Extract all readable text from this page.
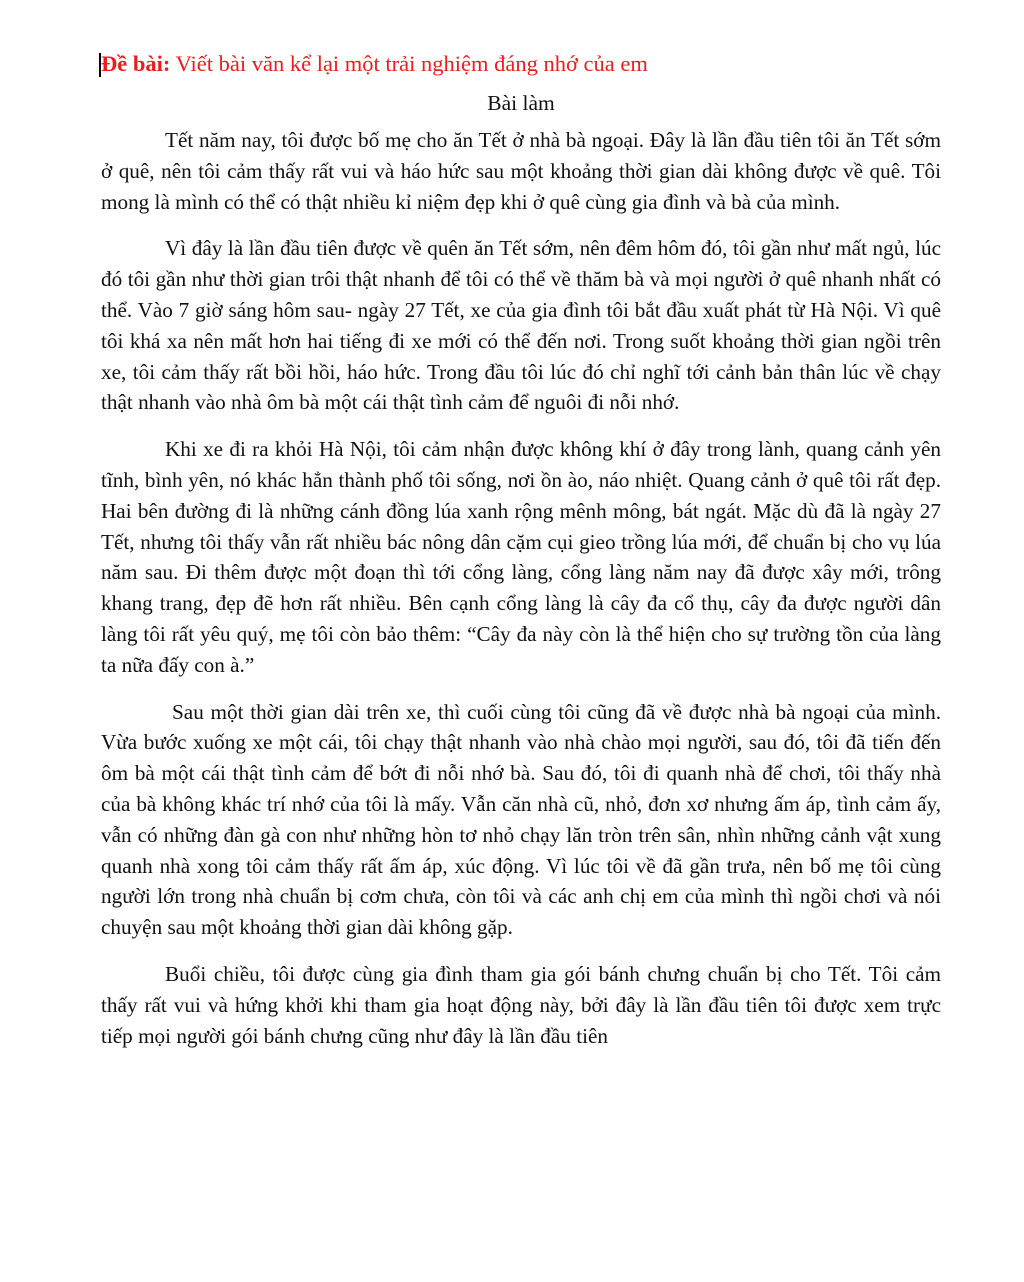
Đề bài: Viết bài văn kể lại một trải nghiệm đáng nhớ của em

Bài làm

Tết năm nay, tôi được bố mẹ cho ăn Tết ở nhà bà ngoại. Đây là lần đầu tiên tôi ăn Tết sớm ở quê, nên tôi cảm thấy rất vui và háo hức sau một khoảng thời gian dài không được về quê. Tôi mong là mình có thể có thật nhiều kỉ niệm đẹp khi ở quê cùng gia đình và bà của mình.

Vì đây là lần đầu tiên được về quên ăn Tết sớm, nên đêm hôm đó, tôi gần như mất ngủ, lúc đó tôi gần như thời gian trôi thật nhanh để tôi có thể về thăm bà và mọi người ở quê nhanh nhất có thể. Vào 7 giờ sáng hôm sau- ngày 27 Tết, xe của gia đình tôi bắt đầu xuất phát từ Hà Nội. Vì quê tôi khá xa nên mất hơn hai tiếng đi xe mới có thể đến nơi. Trong suốt khoảng thời gian ngồi trên xe, tôi cảm thấy rất bồi hồi, háo hức. Trong đầu tôi lúc đó chỉ nghĩ tới cảnh bản thân lúc về chạy thật nhanh vào nhà ôm bà một cái thật tình cảm để nguôi đi nỗi nhớ.

Khi xe đi ra khỏi Hà Nội, tôi cảm nhận được không khí ở đây trong lành, quang cảnh yên tĩnh, bình yên, nó khác hẳn thành phố tôi sống, nơi ồn ào, náo nhiệt. Quang cảnh ở quê tôi rất đẹp. Hai bên đường đi là những cánh đồng lúa xanh rộng mênh mông, bát ngát. Mặc dù đã là ngày 27 Tết, nhưng tôi thấy vẫn rất nhiều bác nông dân cặm cụi gieo trồng lúa mới, để chuẩn bị cho vụ lúa năm sau. Đi thêm được một đoạn thì tới cổng làng, cổng làng năm nay đã được xây mới, trông khang trang, đẹp đẽ hơn rất nhiều. Bên cạnh cổng làng là cây đa cổ thụ, cây đa được người dân làng tôi rất yêu quý, mẹ tôi còn bảo thêm: “Cây đa này còn là thể hiện cho sự trường tồn của làng ta nữa đấy con à.”

Sau một thời gian dài trên xe, thì cuối cùng tôi cũng đã về được nhà bà ngoại của mình. Vừa bước xuống xe một cái, tôi chạy thật nhanh vào nhà chào mọi người, sau đó, tôi đã tiến đến ôm bà một cái thật tình cảm để bớt đi nỗi nhớ bà. Sau đó, tôi đi quanh nhà để chơi, tôi thấy nhà của bà không khác trí nhớ của tôi là mấy. Vẫn căn nhà cũ, nhỏ, đơn xơ nhưng ấm áp, tình cảm ấy, vẫn có những đàn gà con như những hòn tơ nhỏ chạy lăn tròn trên sân, nhìn những cảnh vật xung quanh nhà xong tôi cảm thấy rất ấm áp, xúc động. Vì lúc tôi về đã gần trưa, nên bố mẹ tôi cùng người lớn trong nhà chuẩn bị cơm chưa, còn tôi và các anh chị em của mình thì ngồi chơi và nói chuyện sau một khoảng thời gian dài không gặp.

Buổi chiều, tôi được cùng gia đình tham gia gói bánh chưng chuẩn bị cho Tết. Tôi cảm thấy rất vui và hứng khởi khi tham gia hoạt động này, bởi đây là lần đầu tiên tôi được xem trực tiếp mọi người gói bánh chưng cũng như đây là lần đầu tiên
